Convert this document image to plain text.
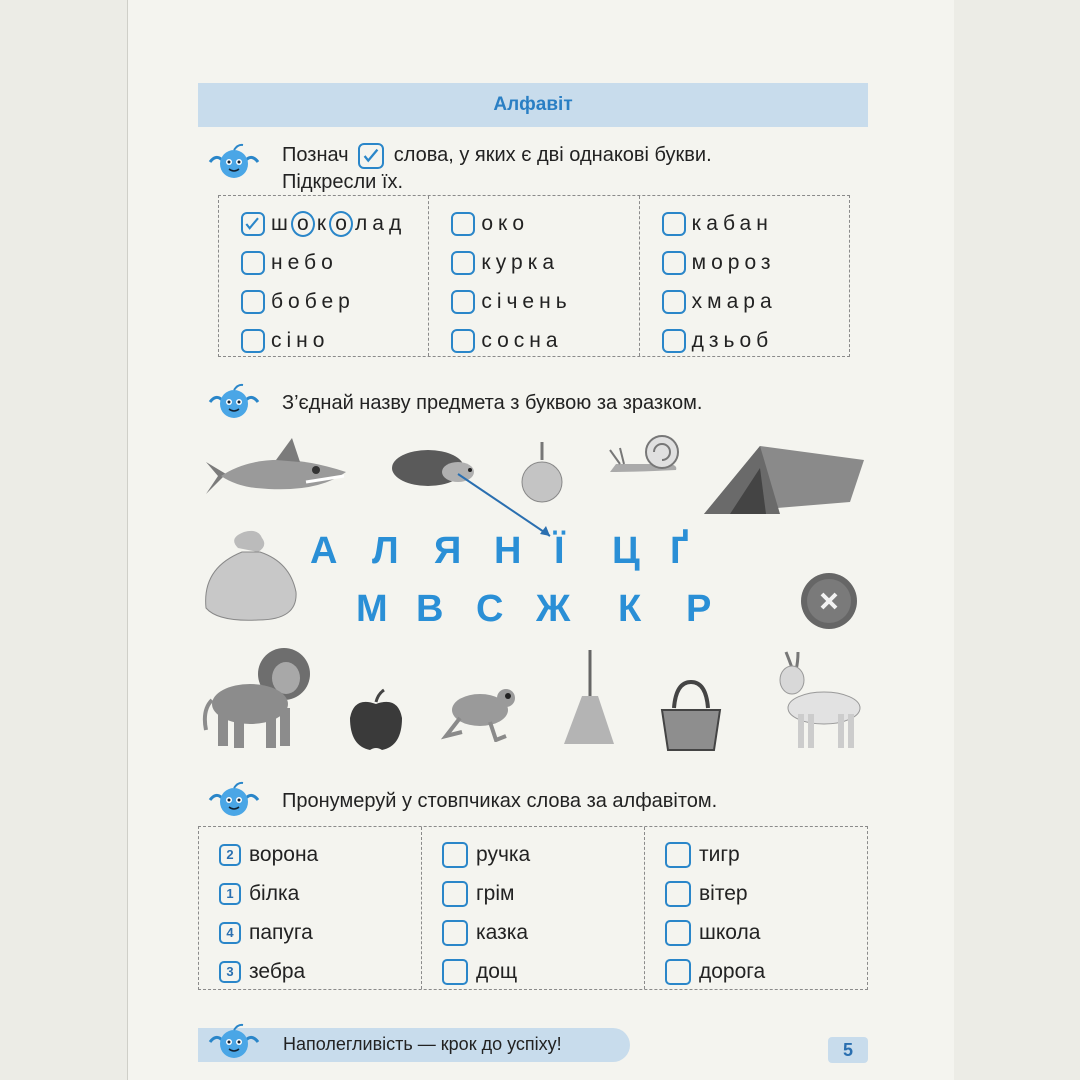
Алфавіт
Познач слова, у яких є дві однакові букви.
Підкресли їх.
ш о к о лад
небо
бобер
сіно
око
курка
січень
сосна
кабан
мороз
хмара
дзьоб
З’єднай назву предмета з буквою за зразком.
А Л Я Н Ї Ц Ґ
М В С Ж К Р
Пронумеруй у стовпчиках слова за алфавітом.
2 ворона
1 білка
4 папуга
3 зебра
ручка
грім
казка
дощ
тигр
вітер
школа
дорога
Наполегливість — крок до успіху!	5
